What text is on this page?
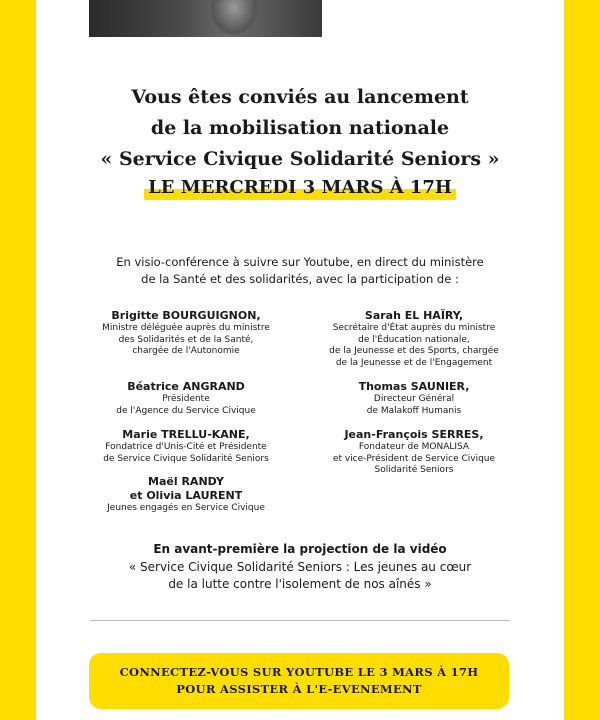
Vous êtes conviés au lancement
de la mobilisation nationale
« Service Civique Solidarité Seniors »
LE MERCREDI 3 MARS À 17H
En visio-conférence à suivre sur Youtube, en direct du ministère
de la Santé et des solidarités, avec la participation de :
Brigitte BOURGUIGNON,
Ministre déléguée auprès du ministre
des Solidarités et de la Santé,
chargée de l'Autonomie
Béatrice ANGRAND
Présidente
de l'Agence du Service Civique
Marie TRELLU-KANE,
Fondatrice d'Unis-Cité et Présidente
de Service Civique Solidarité Seniors
Maël RANDY
et Olivia LAURENT
Jeunes engagés en Service Civique
Sarah EL HAÏRY,
Secrétaire d'État auprès du ministre
de l'Éducation nationale,
de la Jeunesse et des Sports, chargée
de la Jeunesse et de l'Engagement
Thomas SAUNIER,
Directeur Général
de Malakoff Humanis
Jean-François SERRES,
Fondateur de MONALISA
et vice-Président de Service Civique
Solidarité Seniors
En avant-première la projection de la vidéo
« Service Civique Solidarité Seniors : Les jeunes au cœur
de la lutte contre l'isolement de nos aînés »
CONNECTEZ-VOUS SUR YOUTUBE LE 3 MARS À 17H
POUR ASSISTER À L'E-EVENEMENT
